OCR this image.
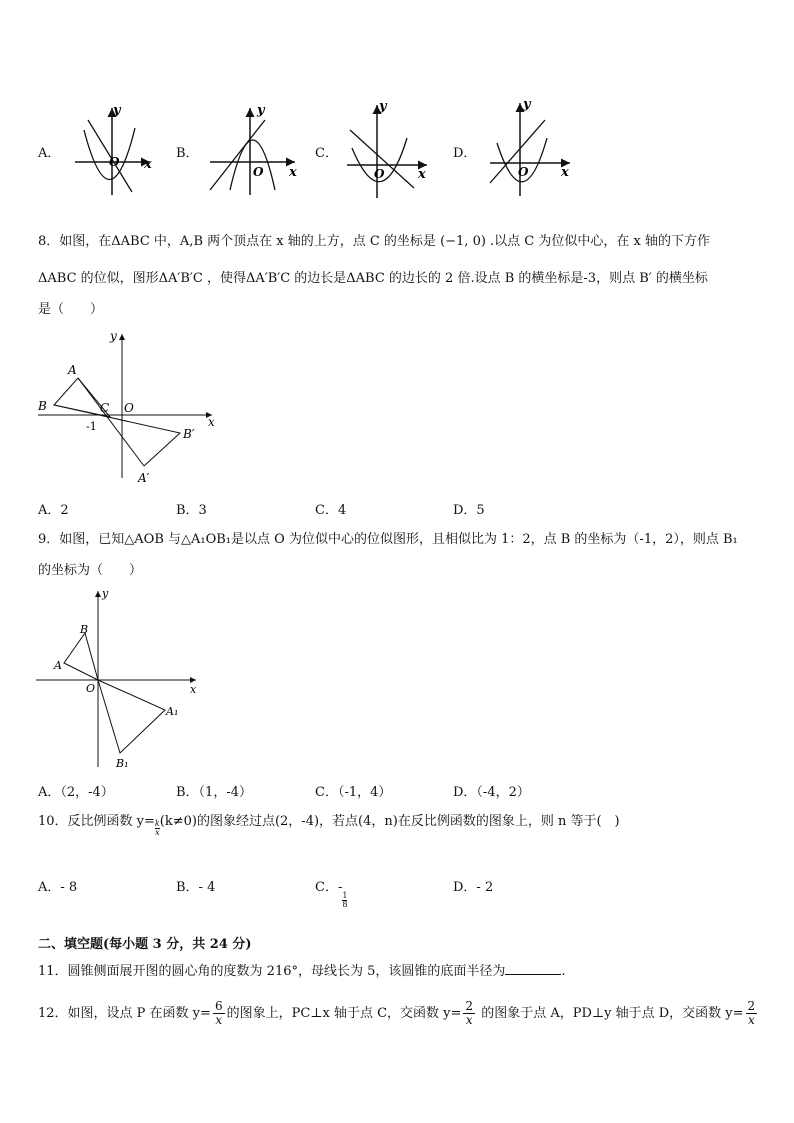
A．	B．	C．	D．
y
x
O
y
x
O
y
x
O
y
x
O
8．如图，在ΔABC 中，A,B 两个顶点在 x 轴的上方，点 C 的坐标是 (−1, 0) .以点 C 为位似中心，在 x 轴的下方作
ΔABC 的位似，图形ΔA′B′C ，使得ΔA′B′C 的边长是ΔABC 的边长的 2 倍.设点 B 的横坐标是-3，则点 B′ 的横坐标
是（　　）
A
B	C O
-1
B′
A′
x
y
A．2	B．3	C．4	D．5
9．如图，已知△AOB 与△A₁OB₁是以点 O 为位似中心的位似图形，且相似比为 1：2，点 B 的坐标为（-1，2），则点 B₁
的坐标为（　　）
B
A
O
A₁
B₁
x
y
A．（2，-4）	B．（1，-4）	C．（-1，4）	D．（-4，2）
10．反比例函数 $y= \frac{k}{x} (k\ne 0)$的图象经过点(2，-4)，若点(4，n)在反比例函数的图象上，则 n 等于(　)
A．- 8	B．- 4	C．-
$\frac{1}{8}$
D．- 2
二、填空题(每小题 3 分，共 24 分)
11．圆锥侧面展开图的圆心角的度数为 216°，母线长为 5，该圆锥的底面半径为	.
12．如图，设点 P 在函数 $y= \frac{6}{x}$ 的图象上，PC⊥x 轴于点 C，交函数 $y= \frac{2}{x}$ 的图象于点 A，PD⊥y 轴于点 D，交函数 $y= \frac{2}{x}$
